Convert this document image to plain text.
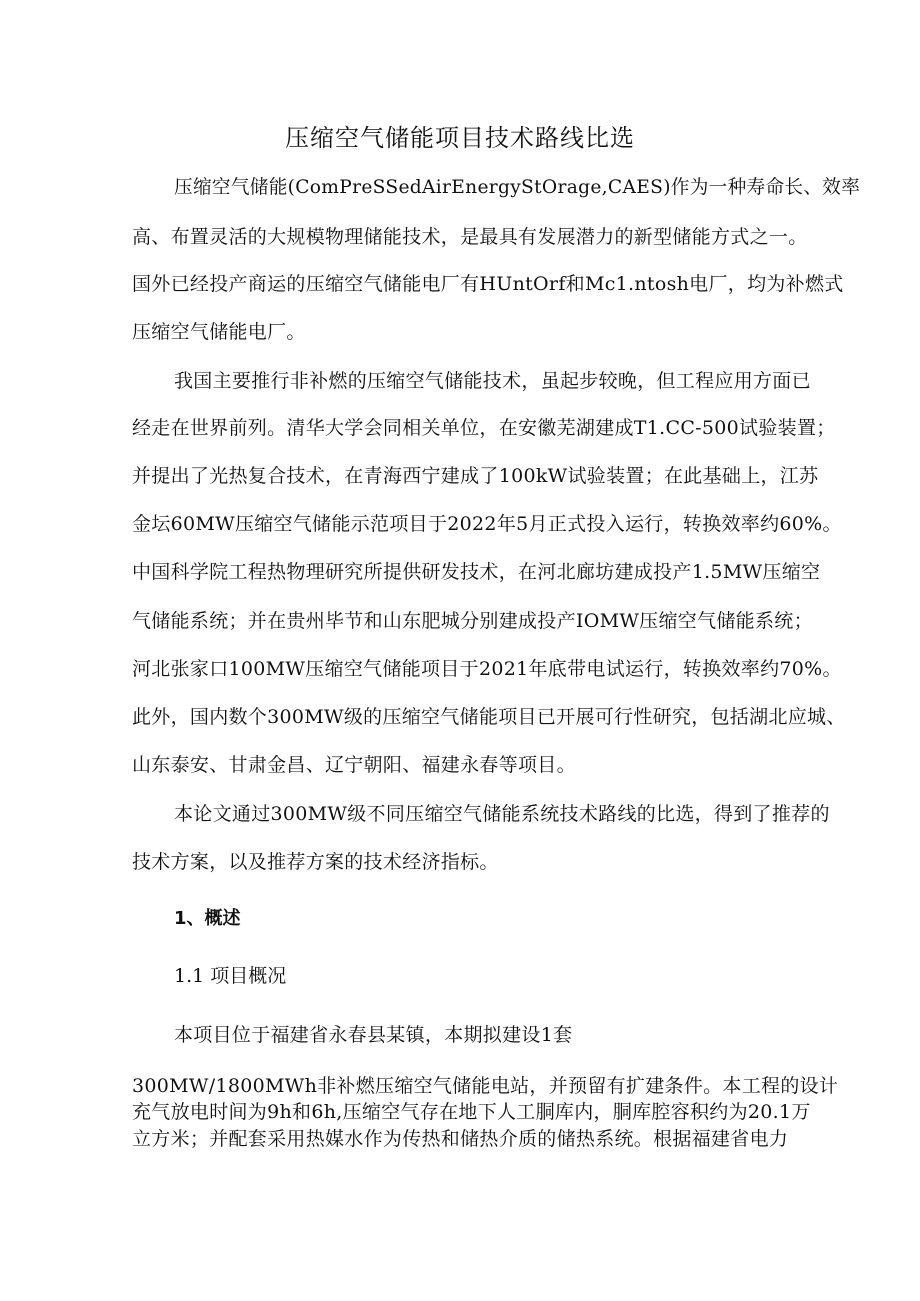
压缩空气储能项目技术路线比选
压缩空气储能(ComPreSSedAirEnergyStOrage,CAES)作为一种寿命长、效率
高、布置灵活的大规模物理储能技术，是最具有发展潜力的新型储能方式之一。
国外已经投产商运的压缩空气储能电厂有HUntOrf和Mc1.ntosh电厂，均为补燃式
压缩空气储能电厂。
我国主要推行非补燃的压缩空气储能技术，虽起步较晚，但工程应用方面已
经走在世界前列。清华大学会同相关单位，在安徽芜湖建成T1.CC-500试验装置；
并提出了光热复合技术，在青海西宁建成了100kW试验装置；在此基础上，江苏
金坛60MW压缩空气储能示范项目于2022年5月正式投入运行，转换效率约60%。
中国科学院工程热物理研究所提供研发技术，在河北廊坊建成投产1.5MW压缩空
气储能系统；并在贵州毕节和山东肥城分别建成投产IOMW压缩空气储能系统；
河北张家口100MW压缩空气储能项目于2021年底带电试运行，转换效率约70%。
此外，国内数个300MW级的压缩空气储能项目已开展可行性研究，包括湖北应城、
山东泰安、甘肃金昌、辽宁朝阳、福建永春等项目。
本论文通过300MW级不同压缩空气储能系统技术路线的比选，得到了推荐的
技术方案，以及推荐方案的技术经济指标。
1、概述
1.1 项目概况
本项目位于福建省永春县某镇，本期拟建设1套
300MW/1800MWh非补燃压缩空气储能电站，并预留有扩建条件。本工程的设计
充气放电时间为9h和6h,压缩空气存在地下人工胴库内，胴库腔容积约为20.1万
立方米；并配套采用热媒水作为传热和储热介质的储热系统。根据福建省电力
